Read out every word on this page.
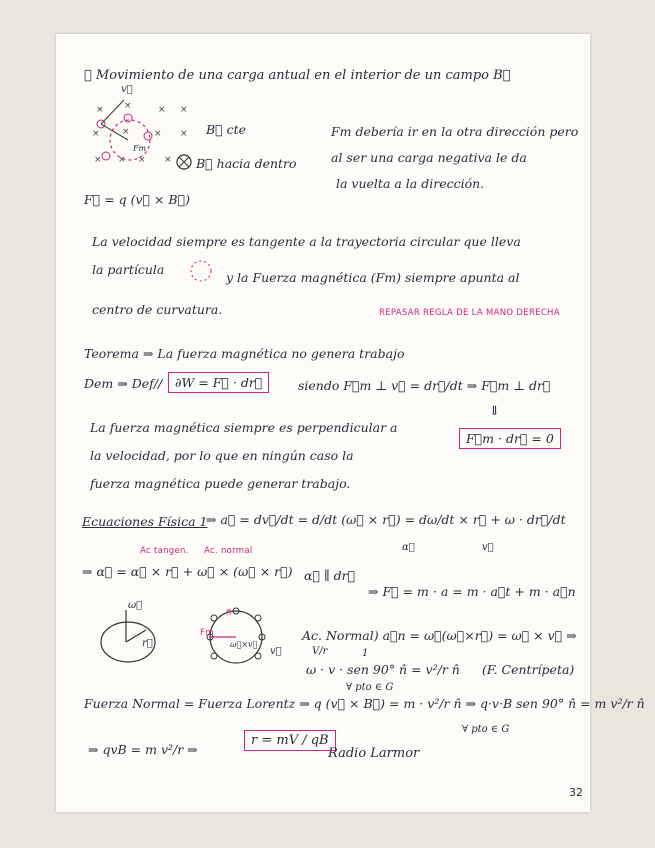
✱ Movimiento de una carga antual en el interior de un campo B⃗
× ×	× ×
× ×	× ×
× × × ×
v⃗
Fm
B⃗ cte
B⃗ hacia dentro
F⃗ = q (v⃗ × B⃗)
Fm debería ir en la otra dirección pero
al ser una carga negativa le da
la vuelta a la dirección.
La velocidad siempre es tangente a la trayectoria circular que lleva
la partícula
y la Fuerza magnética (Fm) siempre apunta al
centro de curvatura.	REPASAR REGLA DE LA MANO DERECHA
Teorema ⇒ La fuerza magnética no genera trabajo
Dem ⇒ Def//	∂W = F⃗ · dr⃗	siendo F⃗m ⊥ v⃗ = dr⃗/dt ⇒ F⃗m ⊥ dr⃗
⇓
F⃗m · dr⃗ = 0
La fuerza magnética siempre es perpendicular a
la velocidad, por lo que en ningún caso la
fuerza magnética puede generar trabajo.
Ecuaciones Física 1
⇒ a⃗ = dv⃗/dt = d/dt (ω⃗ × r⃗) = dω/dt × r⃗ + ω · dr⃗/dt
α⃗	v⃗
Ac tangen. Ac. normal
⇒ α⃗ = α⃗ × r⃗ + ω⃗ × (ω⃗ × r⃗) α⃗ ∥ dr⃗
⇒ F⃗ = m · a = m · a⃗t + m · a⃗n
ω⃗
r⃗
Fm
n⃗
ω⃗×v⃗
v⃗
Ac. Normal) a⃗n = ω⃗(ω⃗×r⃗) = ω⃗ × v⃗ ⇒
V/r
ω · v · sen 90° n̂ = v²/r n̂
1
(F. Centrípeta)
∀ pto ∈ G
Fuerza Normal = Fuerza Lorentz ⇒ q (v⃗ × B⃗) = m · v²/r n̂ ⇒ q·v·B sen 90° n̂ = m v²/r n̂
∀ pto ∈ G
⇒ qvB = m v²/r ⇒
r = mV / qB
Radio Larmor
32
